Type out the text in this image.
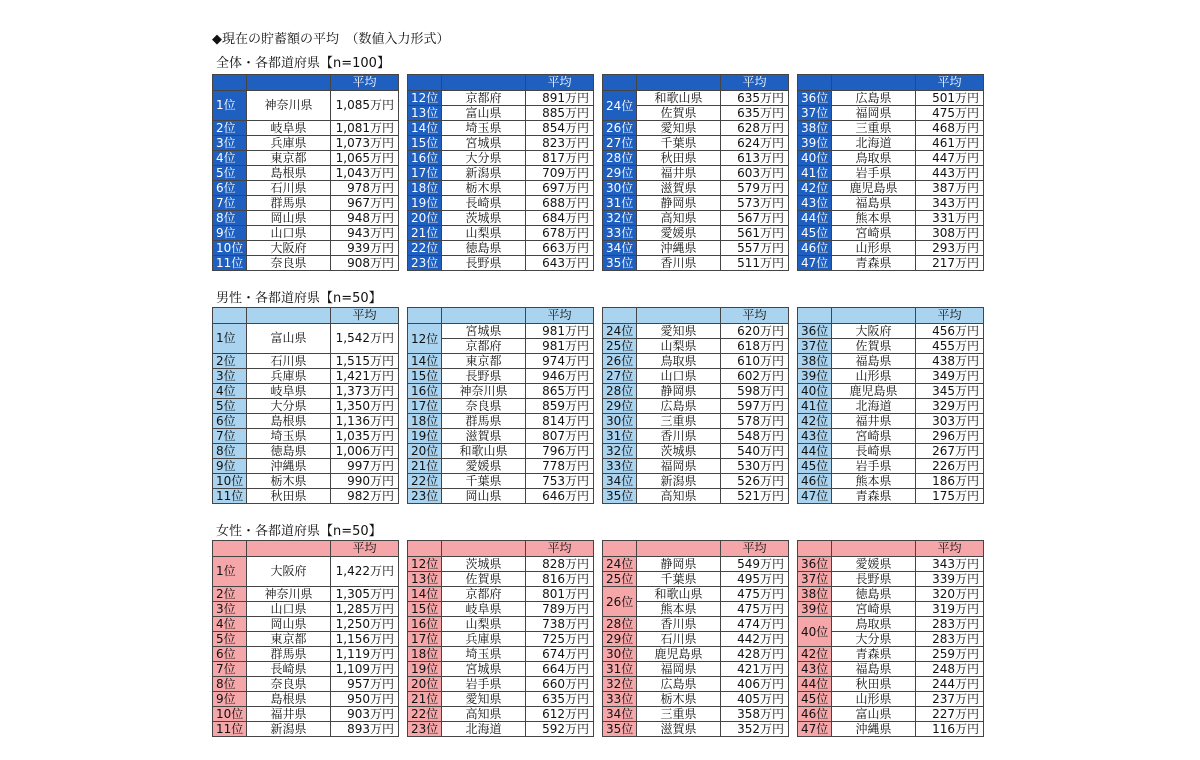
◆現在の貯蓄額の平均　（数値入力形式）
全体・各都道府県【n=100】
男性・各都道府県【n=50】
女性・各都道府県【n=50】
		平均
1位	神奈川県	1,085万円
2位	岐阜県	1,081万円
3位	兵庫県	1,073万円
4位	東京都	1,065万円
5位	島根県	1,043万円
6位	石川県	978万円
7位	群馬県	967万円
8位	岡山県	948万円
9位	山口県	943万円
10位	大阪府	939万円
11位	奈良県	908万円
		平均
12位	京都府	891万円
13位	富山県	885万円
14位	埼玉県	854万円
15位	宮城県	823万円
16位	大分県	817万円
17位	新潟県	709万円
18位	栃木県	697万円
19位	長崎県	688万円
20位	茨城県	684万円
21位	山梨県	678万円
22位	徳島県	663万円
23位	長野県	643万円
		平均
24位	和歌山県	635万円
	佐賀県	635万円
26位	愛知県	628万円
27位	千葉県	624万円
28位	秋田県	613万円
29位	福井県	603万円
30位	滋賀県	579万円
31位	静岡県	573万円
32位	高知県	567万円
33位	愛媛県	561万円
34位	沖縄県	557万円
35位	香川県	511万円
		平均
36位	広島県	501万円
37位	福岡県	475万円
38位	三重県	468万円
39位	北海道	461万円
40位	鳥取県	447万円
41位	岩手県	443万円
42位	鹿児島県	387万円
43位	福島県	343万円
44位	熊本県	331万円
45位	宮崎県	308万円
46位	山形県	293万円
47位	青森県	217万円
		平均
1位	富山県	1,542万円
2位	石川県	1,515万円
3位	兵庫県	1,421万円
4位	岐阜県	1,373万円
5位	大分県	1,350万円
6位	島根県	1,136万円
7位	埼玉県	1,035万円
8位	徳島県	1,006万円
9位	沖縄県	997万円
10位	栃木県	990万円
11位	秋田県	982万円
		平均
12位	宮城県	981万円
	京都府	981万円
14位	東京都	974万円
15位	長野県	946万円
16位	神奈川県	865万円
17位	奈良県	859万円
18位	群馬県	814万円
19位	滋賀県	807万円
20位	和歌山県	796万円
21位	愛媛県	778万円
22位	千葉県	753万円
23位	岡山県	646万円
		平均
24位	愛知県	620万円
25位	山梨県	618万円
26位	鳥取県	610万円
27位	山口県	602万円
28位	静岡県	598万円
29位	広島県	597万円
30位	三重県	578万円
31位	香川県	548万円
32位	茨城県	540万円
33位	福岡県	530万円
34位	新潟県	526万円
35位	高知県	521万円
		平均
36位	大阪府	456万円
37位	佐賀県	455万円
38位	福島県	438万円
39位	山形県	349万円
40位	鹿児島県	345万円
41位	北海道	329万円
42位	福井県	303万円
43位	宮崎県	296万円
44位	長崎県	267万円
45位	岩手県	226万円
46位	熊本県	186万円
47位	青森県	175万円
		平均
1位	大阪府	1,422万円
2位	神奈川県	1,305万円
3位	山口県	1,285万円
4位	岡山県	1,250万円
5位	東京都	1,156万円
6位	群馬県	1,119万円
7位	長崎県	1,109万円
8位	奈良県	957万円
9位	島根県	950万円
10位	福井県	903万円
11位	新潟県	893万円
		平均
12位	茨城県	828万円
13位	佐賀県	816万円
14位	京都府	801万円
15位	岐阜県	789万円
16位	山梨県	738万円
17位	兵庫県	725万円
18位	埼玉県	674万円
19位	宮城県	664万円
20位	岩手県	660万円
21位	愛知県	635万円
22位	高知県	612万円
23位	北海道	592万円
		平均
24位	静岡県	549万円
25位	千葉県	495万円
26位	和歌山県	475万円
	熊本県	475万円
28位	香川県	474万円
29位	石川県	442万円
30位	鹿児島県	428万円
31位	福岡県	421万円
32位	広島県	406万円
33位	栃木県	405万円
34位	三重県	358万円
35位	滋賀県	352万円
		平均
36位	愛媛県	343万円
37位	長野県	339万円
38位	徳島県	320万円
39位	宮崎県	319万円
40位	鳥取県	283万円
	大分県	283万円
42位	青森県	259万円
43位	福島県	248万円
44位	秋田県	244万円
45位	山形県	237万円
46位	富山県	227万円
47位	沖縄県	116万円
